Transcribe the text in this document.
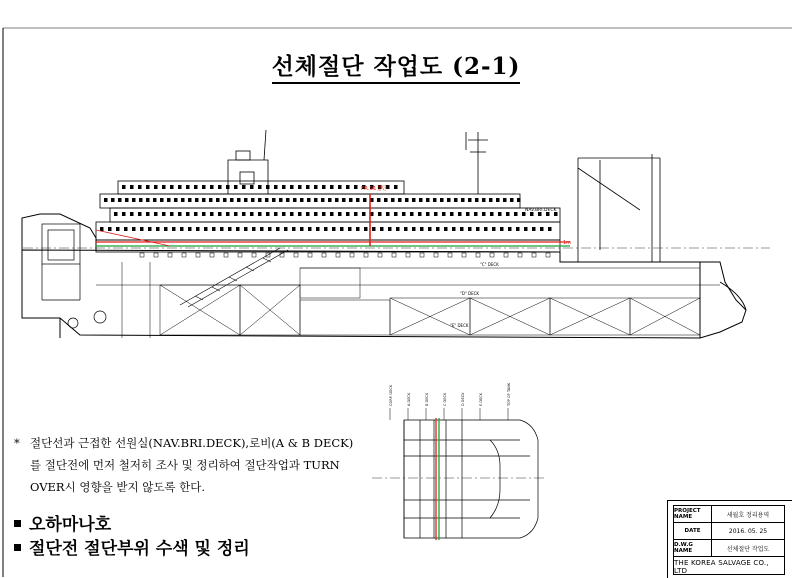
선체절단 작업도 (2-1)
FR.91절단
NAV.BRI.DECK
1m
"C" DECK
"D" DECK
"E" DECK
CORP. DECK	A DECK	B DECK	C DECK	D DECK	E DECK	TOP OF TANK
* 절단선과 근접한 선원실(NAV.BRI.DECK),로비(A & B DECK)를 절단전에 먼저 철저히 조사 및 정리하여 절단작업과 TURN OVER시 영향을 받지 않도록 한다.
오하마나호
절단전 절단부위 수색 및 정리
PROJECT NAME	세월호 정리용역
DATE	2016. 05. 25
D.W.G NAME	선체절단 작업도
THE KOREA SALVAGE CO., LTD
